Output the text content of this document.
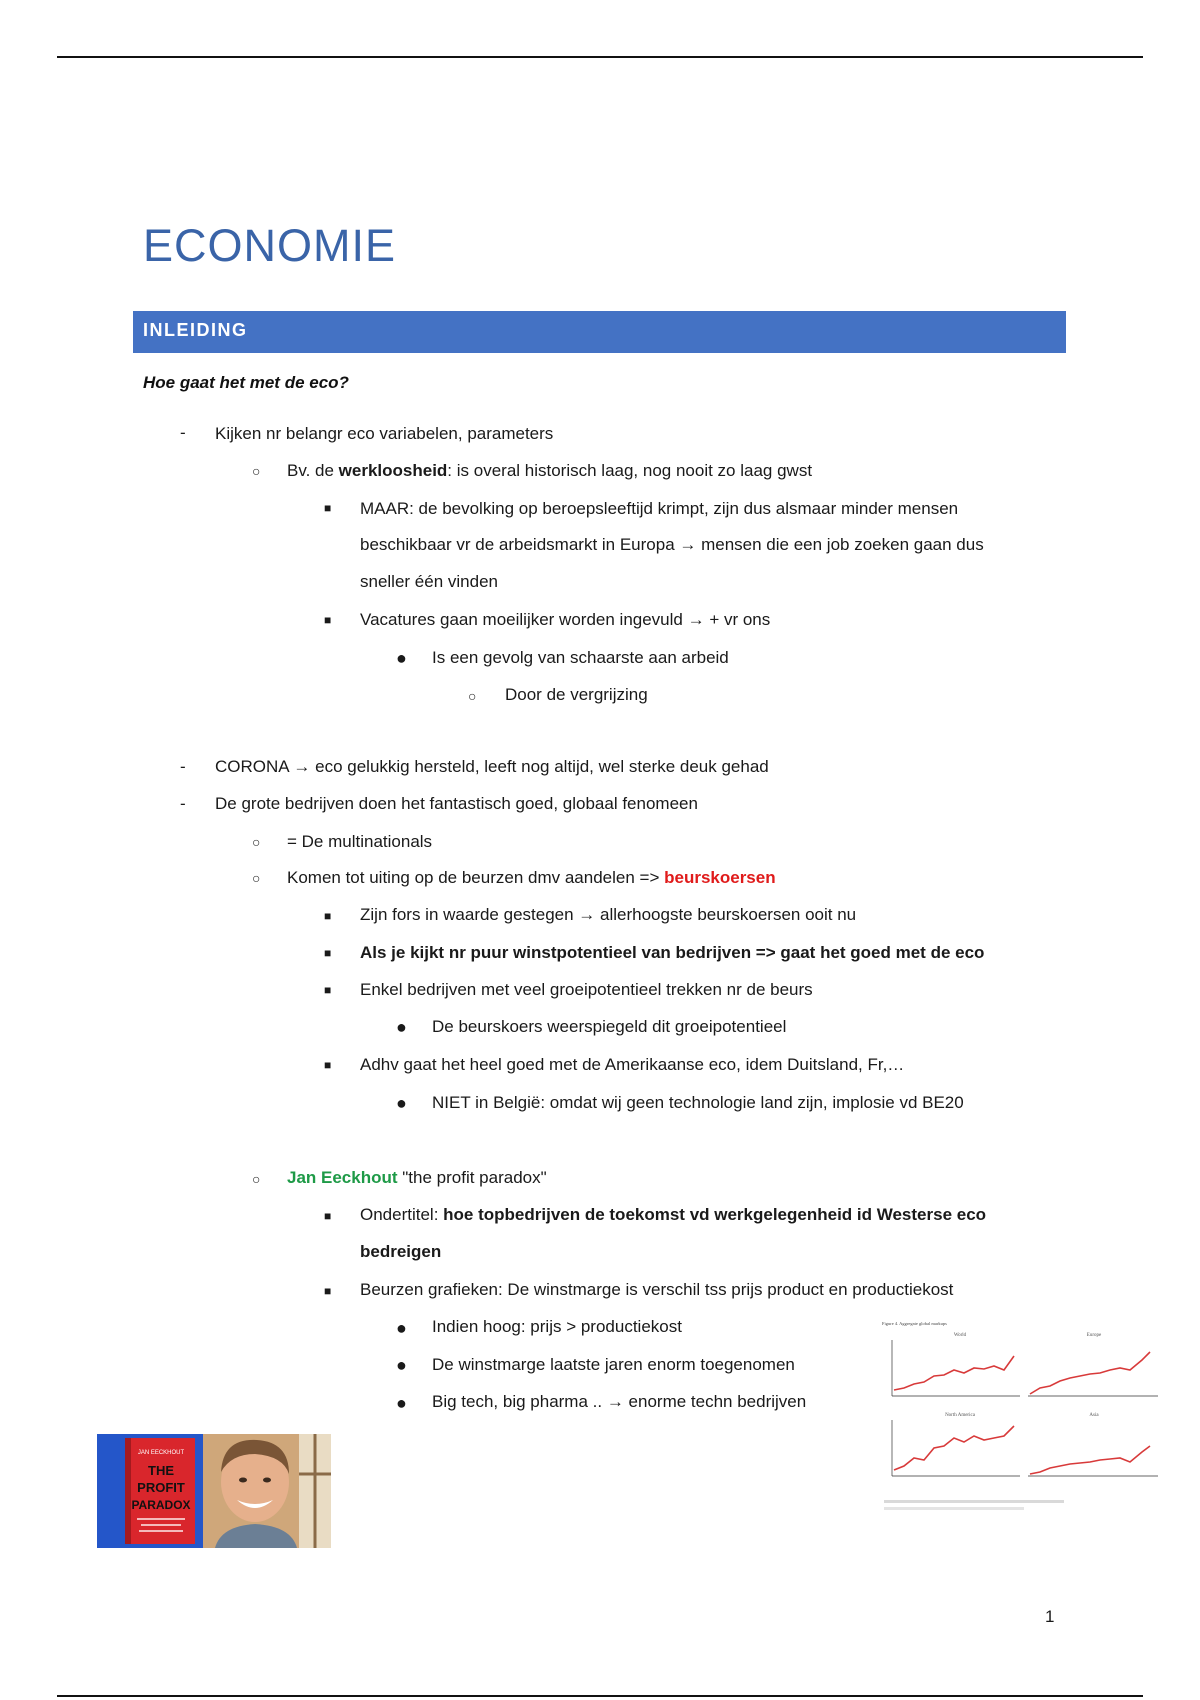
ECONOMIE
INLEIDING
Hoe gaat het met de eco?
-
○
■
■
●
○
-
-
○
○
■
■
■
●
■
●
○
■
■
●
●
●
Kijken nr belangr eco variabelen, parameters
Bv. de werkloosheid: is overal historisch laag, nog nooit zo laag gwst
MAAR: de bevolking op beroepsleeftijd krimpt, zijn dus alsmaar minder mensen
beschikbaar vr de arbeidsmarkt in Europa → mensen die een job zoeken gaan dus
sneller één vinden
Vacatures gaan moeilijker worden ingevuld → + vr ons
Is een gevolg van schaarste aan arbeid
Door de vergrijzing
CORONA → eco gelukkig hersteld, leeft nog altijd, wel sterke deuk gehad
De grote bedrijven doen het fantastisch goed, globaal fenomeen
= De multinationals
Komen tot uiting op de beurzen dmv aandelen => beurskoersen
Zijn fors in waarde gestegen → allerhoogste beurskoersen ooit nu
Als je kijkt nr puur winstpotentieel van bedrijven => gaat het goed met de eco
Enkel bedrijven met veel groeipotentieel trekken nr de beurs
De beurskoers weerspiegeld dit groeipotentieel
Adhv gaat het heel goed met de Amerikaanse eco, idem Duitsland, Fr,…
NIET in België: omdat wij geen technologie land zijn, implosie vd BE20
Jan Eeckhout "the profit paradox"
Ondertitel: hoe topbedrijven de toekomst vd werkgelegenheid id Westerse eco
bedreigen
Beurzen grafieken: De winstmarge is verschil tss prijs product en productiekost
Indien hoog: prijs > productiekost
De winstmarge laatste jaren enorm toegenomen
Big tech, big pharma .. → enorme techn bedrijven
JAN EECKHOUT
THE
PROFIT
PARADOX
Figure 4. Aggregate global markups
World	Europe
North America	Asia
1
